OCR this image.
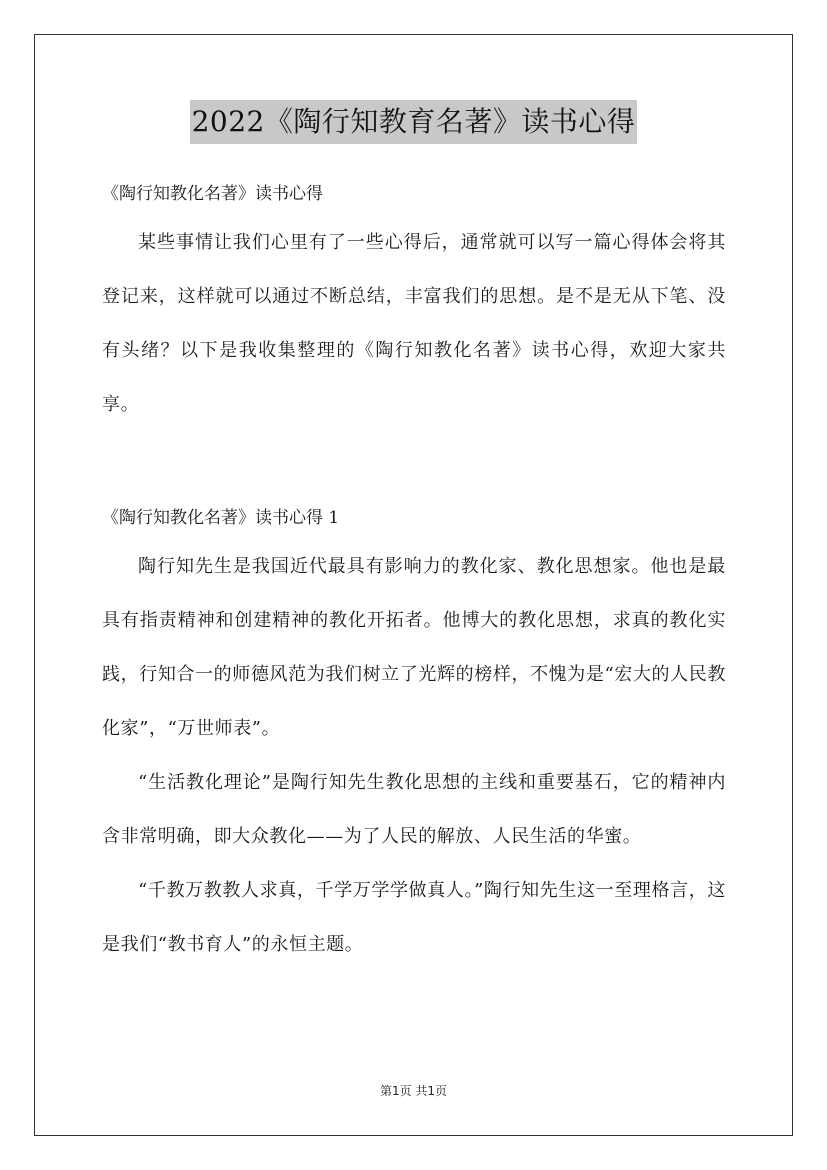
2022《陶行知教育名著》读书心得

《陶行知教化名著》读书心得

某些事情让我们心里有了一些心得后，通常就可以写一篇心得体会将其登记来，这样就可以通过不断总结，丰富我们的思想。是不是无从下笔、没有头绪？以下是我收集整理的《陶行知教化名著》读书心得，欢迎大家共享。

《陶行知教化名著》读书心得 1

陶行知先生是我国近代最具有影响力的教化家、教化思想家。他也是最具有指责精神和创建精神的教化开拓者。他博大的教化思想，求真的教化实践，行知合一的师德风范为我们树立了光辉的榜样，不愧为是“宏大的人民教化家”，“万世师表”。

“生活教化理论”是陶行知先生教化思想的主线和重要基石，它的精神内含非常明确，即大众教化——为了人民的解放、人民生活的华蜜。

“千教万教教人求真，千学万学学做真人。”陶行知先生这一至理格言，这是我们“教书育人”的永恒主题。

第1页 共1页
